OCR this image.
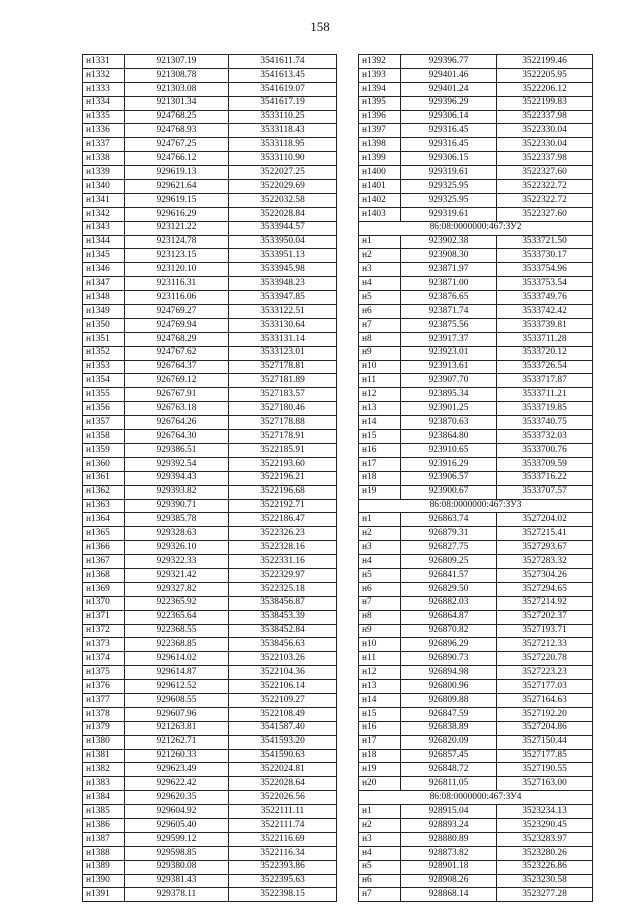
158
н1331	921307.19	3541611.74
н1332	921308.78	3541613.45
н1333	921303.08	3541619.07
н1334	921301.34	3541617.19
н1335	924768.25	3533110.25
н1336	924768.93	3533118.43
н1337	924767.25	3533118.95
н1338	924766.12	3533110.90
н1339	929619.13	3522027.25
н1340	929621.64	3522029.69
н1341	929619.15	3522032.58
н1342	929616.29	3522028.84
н1343	923121.22	3533944.57
н1344	923124.78	3533950.04
н1345	923123.15	3533951.13
н1346	923120.10	3533945.98
н1347	923116.31	3533948.23
н1348	923116.06	3533947.85
н1349	924769.27	3533122.51
н1350	924769.94	3533130.64
н1351	924768.29	3533131.14
н1352	924767.62	3533123.01
н1353	926764.37	3527178.81
н1354	926769.12	3527181.89
н1355	926767.91	3527183.57
н1356	926763.18	3527180.46
н1357	926764.26	3527178.88
н1358	926764.30	3527178.91
н1359	929386.51	3522185.91
н1360	929392.54	3522193.60
н1361	929394.43	3522196.21
н1362	929393.82	3522196.68
н1363	929390.71	3522192.71
н1364	929385.78	3522186.47
н1365	929328.63	3522326.23
н1366	929326.10	3522328.16
н1367	929322.33	3522331.16
н1368	929321.42	3522329.97
н1369	929327.82	3522325.18
н1370	922365.92	3538456.87
н1371	922365.64	3538453.39
н1372	922368.55	3538452.84
н1373	922368.85	3538456.63
н1374	929614.02	3522103.26
н1375	929614.87	3522104.36
н1376	929612.52	3522106.14
н1377	929608.55	3522109.27
н1378	929607.96	3522108.49
н1379	921263.81	3541587.40
н1380	921262.71	3541593.20
н1381	921260.33	3541590.63
н1382	929623.49	3522024.81
н1383	929622.42	3522028.64
н1384	929620.35	3522026.56
н1385	929604.92	3522111.11
н1386	929605.40	3522111.74
н1387	929599.12	3522116.69
н1388	929598.85	3522116.34
н1389	929380.08	3522393.86
н1390	929381.43	3522395.63
н1391	929378.11	3522398.15
н1392	929396.77	3522199.46
н1393	929401.46	3522205.95
н1394	929401.24	3522206.12
н1395	929396.29	3522199.83
н1396	929306.14	3522337.98
н1397	929316.45	3522330.04
н1398	929316.45	3522330.04
н1399	929306.15	3522337.98
н1400	929319.61	3522327.60
н1401	929325.95	3522322.72
н1402	929325.95	3522322.72
н1403	929319.61	3522327.60
86:08:0000000:467:ЗУ2		
н1	923902.38	3533721.50
н2	923908.30	3533730.17
н3	923871.97	3533754.96
н4	923871.00	3533753.54
н5	923876.65	3533749.76
н6	923871.74	3533742.42
н7	923875.56	3533739.81
н8	923917.37	3533711.28
н9	923923.01	3533720.12
н10	923913.61	3533726.54
н11	923907.70	3533717.87
н12	923895.34	3533711.21
н13	923901.25	3533719.85
н14	923870.63	3533740.75
н15	923864.80	3533732.03
н16	923910.65	3533700.76
н17	923916.29	3533709.59
н18	923906.57	3533716.22
н19	923900.67	3533707.57
86:08:0000000:467:ЗУ3		
н1	926863.74	3527204.02
н2	926879.31	3527215.41
н3	926827.75	3527293.67
н4	926809.25	3527283.32
н5	926841.57	3527304.26
н6	926829.50	3527294.65
н7	926882.03	3527214.92
н8	926864.87	3527202.37
н9	926870.82	3527193.71
н10	926896.29	3527212.33
н11	926890.73	3527220.78
н12	926894.98	3527223.23
н13	926800.96	3527177.03
н14	926809.88	3527164.63
н15	926847.59	3527192.20
н16	926838.89	3527204.86
н17	926820.09	3527150.44
н18	926857.45	3527177.85
н19	926848.72	3527190.55
н20	926811.05	3527163.00
86:08:0000000:467:ЗУ4		
н1	928915.04	3523234.13
н2	928893.24	3523290.45
н3	928880.89	3523283.97
н4	928873.82	3523280.26
н5	928901.18	3523226.86
н6	928908.26	3523230.58
н7	928868.14	3523277.28
